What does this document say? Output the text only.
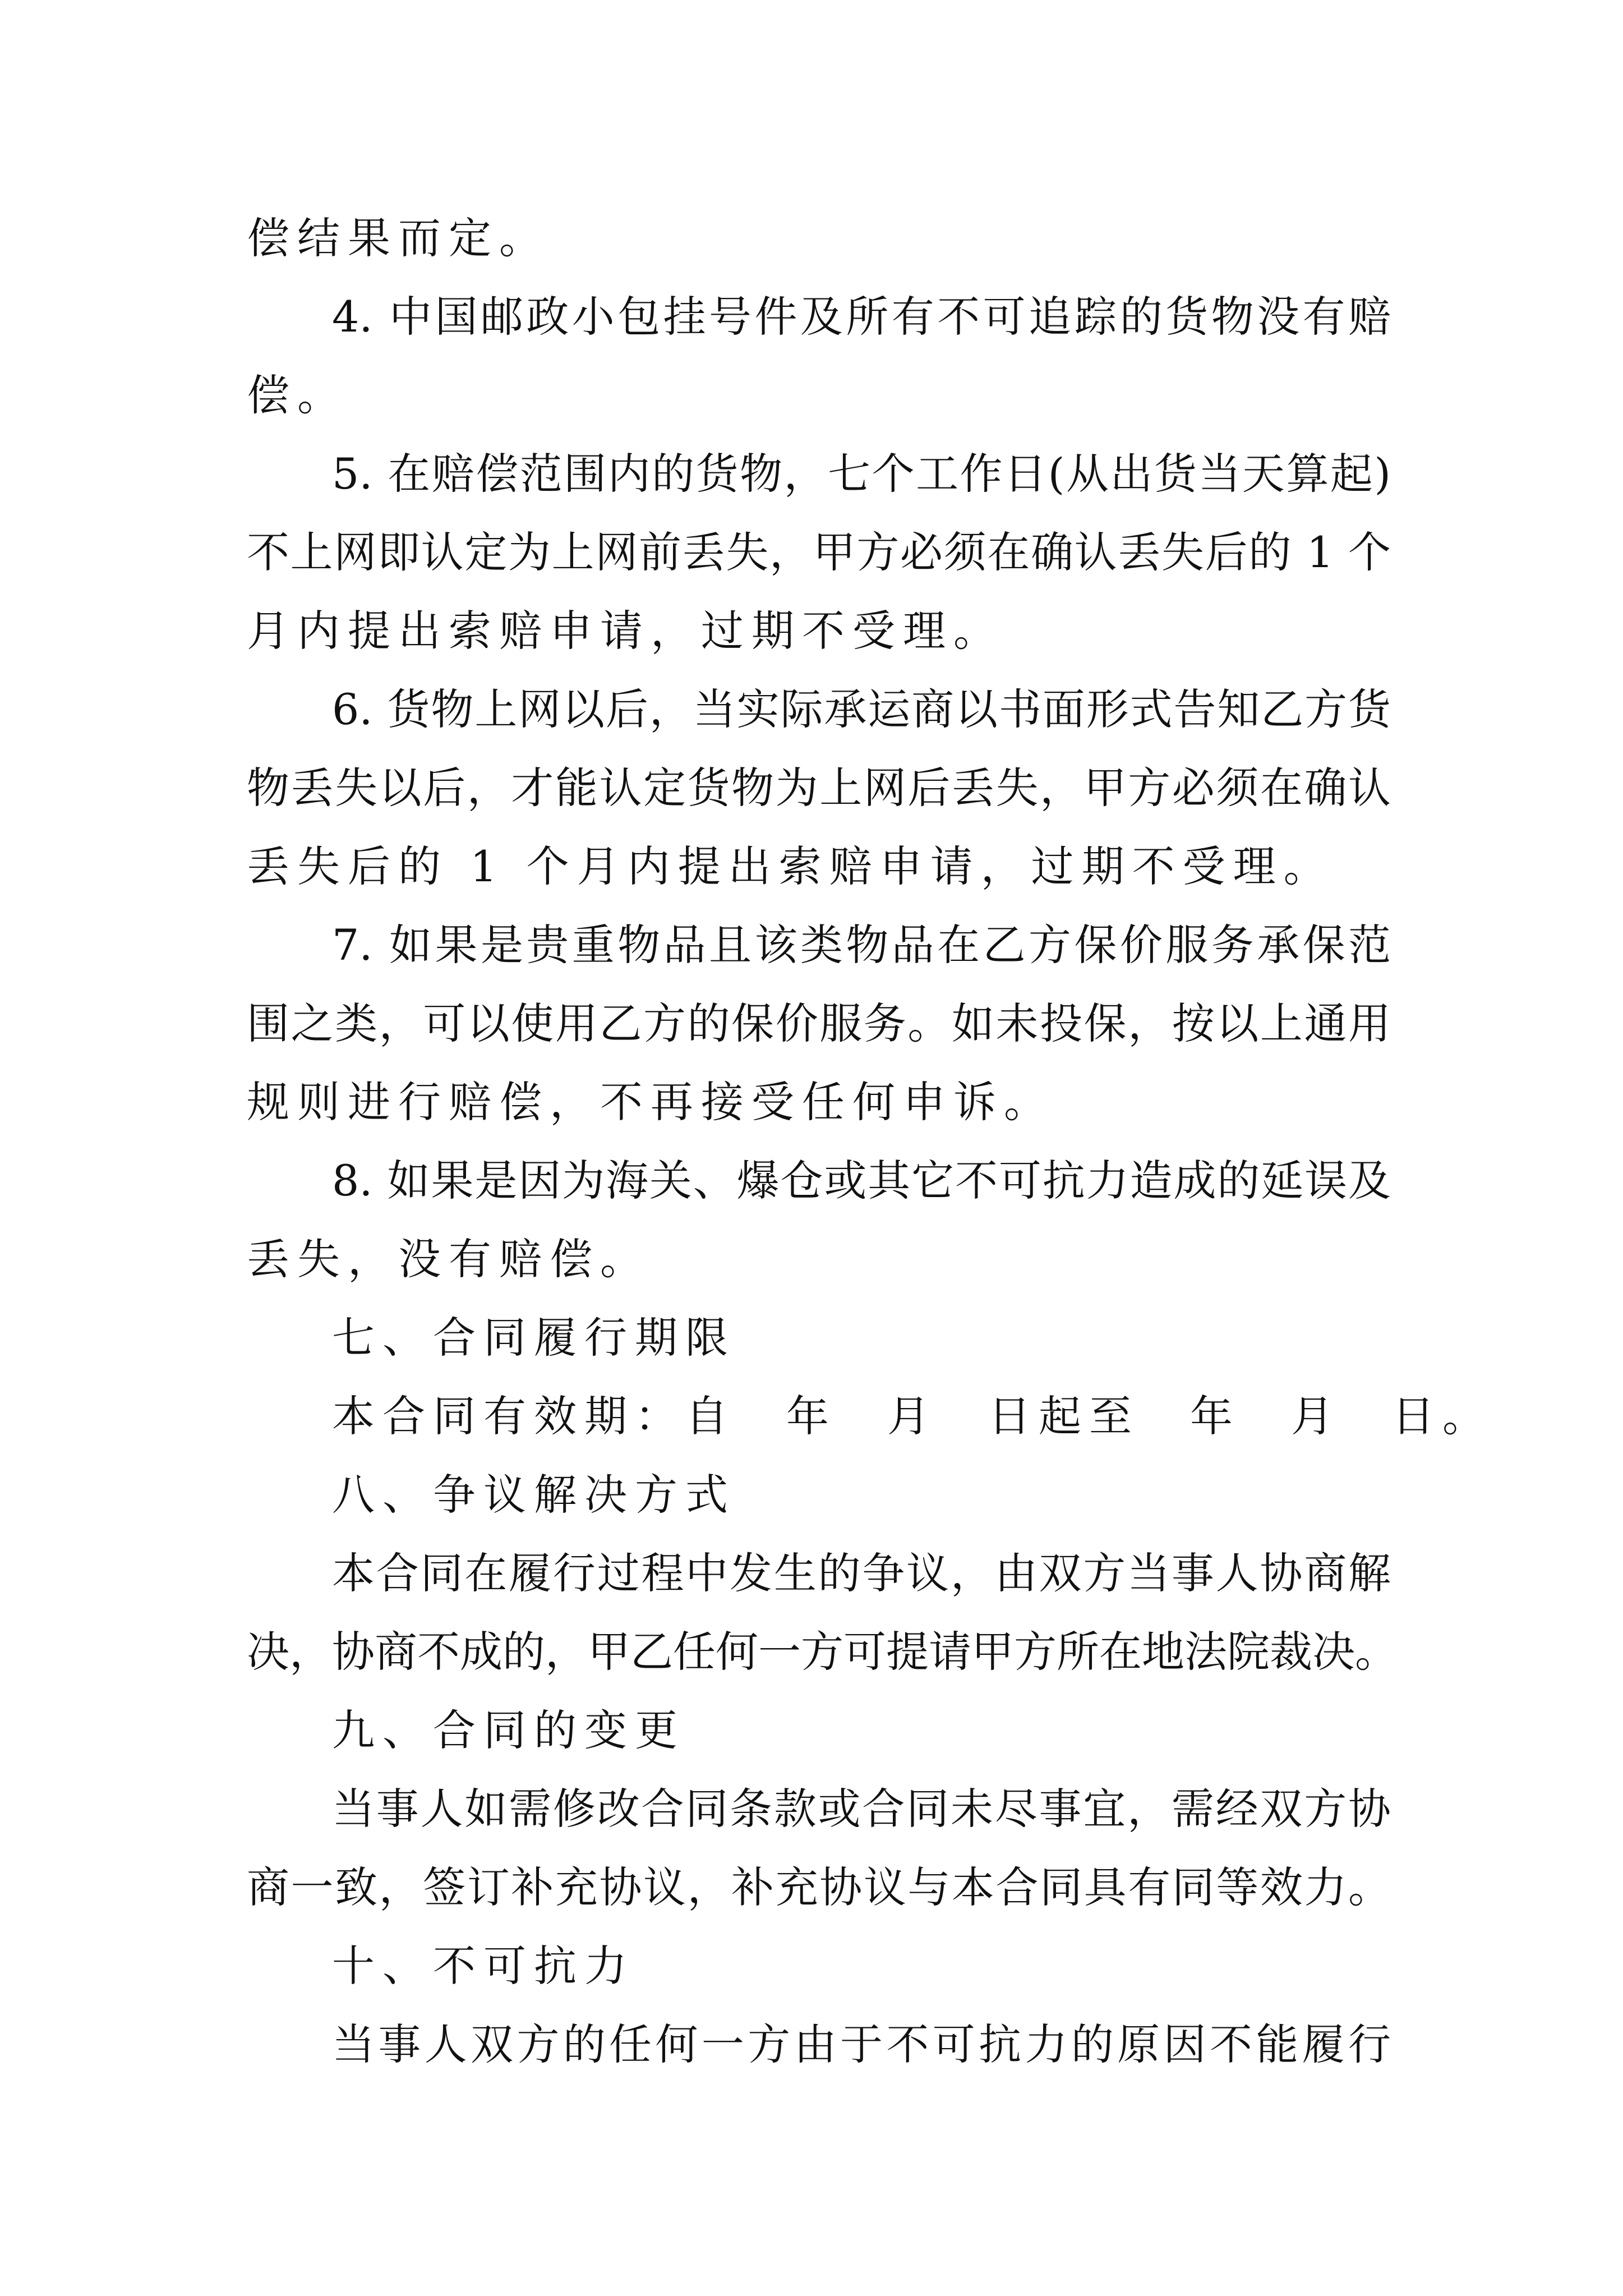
偿结果而定。

4. 中国邮政小包挂号件及所有不可追踪的货物没有赔

偿。

5. 在赔偿范围内的货物，七个工作日(从出货当天算起)

不上网即认定为上网前丢失，甲方必须在确认丢失后的 1 个

月内提出索赔申请，过期不受理。

6. 货物上网以后，当实际承运商以书面形式告知乙方货

物丢失以后，才能认定货物为上网后丢失，甲方必须在确认

丢失后的 1 个月内提出索赔申请，过期不受理。

7. 如果是贵重物品且该类物品在乙方保价服务承保范

围之类，可以使用乙方的保价服务。如未投保，按以上通用

规则进行赔偿，不再接受任何申诉。

8. 如果是因为海关、爆仓或其它不可抗力造成的延误及

丢失，没有赔偿。

七、合同履行期限

本合同有效期：自　年　月　日起至　年　月　日。

八、争议解决方式

本合同在履行过程中发生的争议，由双方当事人协商解

决，协商不成的，甲乙任何一方可提请甲方所在地法院裁决。

九、合同的变更

当事人如需修改合同条款或合同未尽事宜，需经双方协

商一致，签订补充协议，补充协议与本合同具有同等效力。

十、不可抗力

当事人双方的任何一方由于不可抗力的原因不能履行
